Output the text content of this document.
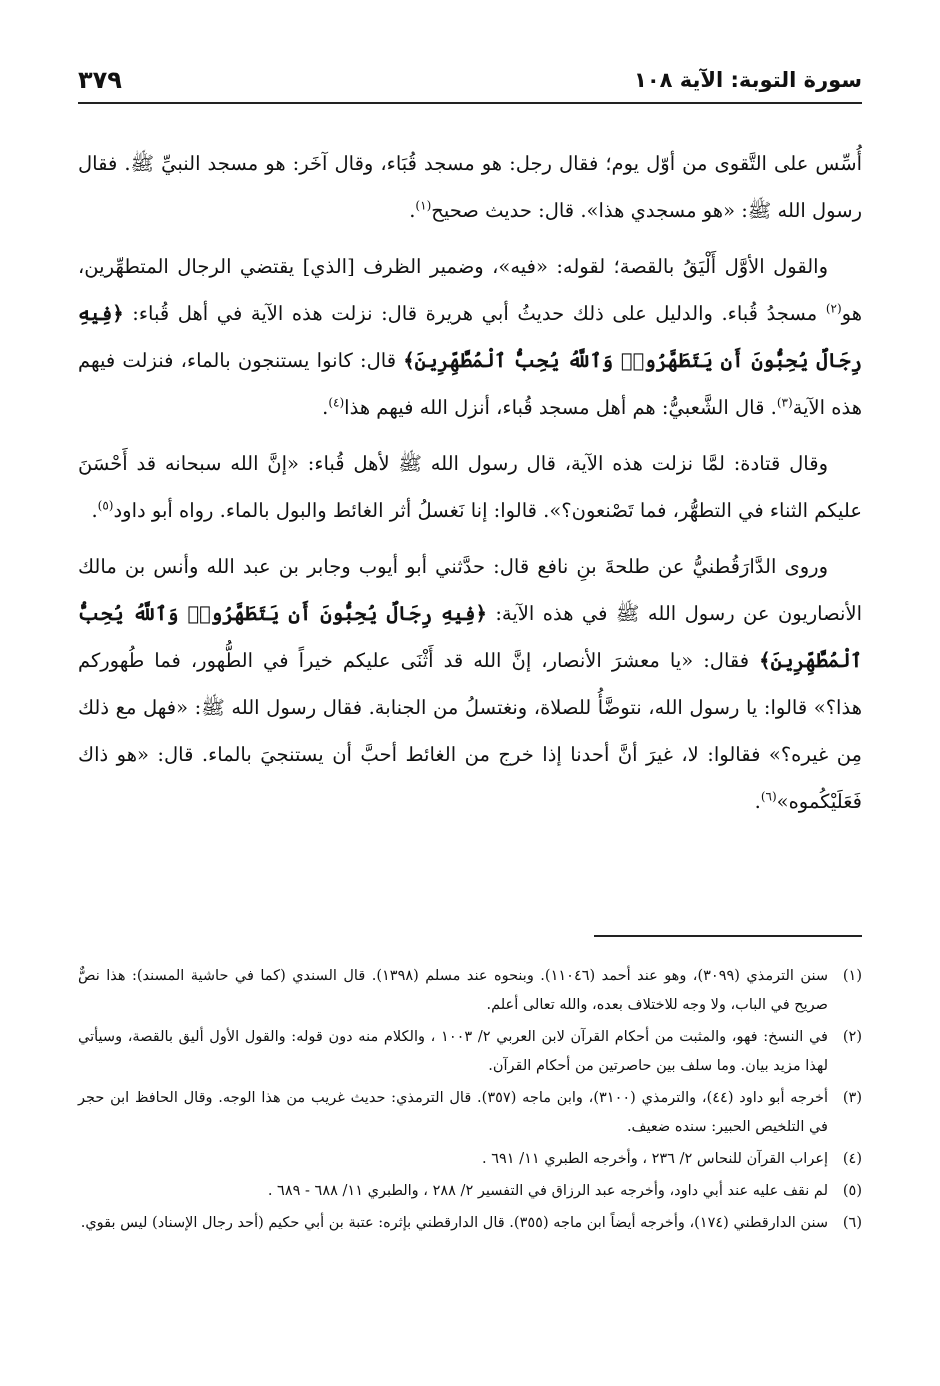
سورة التوبة: الآية ١٠٨
٣٧٩

أُسِّس على التَّقوى من أوّل يوم؛ فقال رجل: هو مسجد قُبَاء، وقال آخَر: هو مسجد النبيِّ ﷺ. فقال رسول الله ﷺ: «هو مسجدي هذا». قال: حديث صحيح$^{(١)}$.

والقول الأوَّل أَلْيَقُ بالقصة؛ لقوله: «فيه»، وضمير الظرف [الذي] يقتضي الرجال المتطهِّرين، هو$^{(٢)}$ مسجدُ قُباء. والدليل على ذلك حديثُ أبي هريرة قال: نزلت هذه الآية في أهل قُباء: ﴿فِيهِ رِجَالٌ يُحِبُّونَ أَن يَتَطَهَّرُوا۟ وَٱللَّهُ يُحِبُّ ٱلْمُطَّهِّرِينَ﴾ قال: كانوا يستنجون بالماء، فنزلت فيهم هذه الآية$^{(٣)}$. قال الشَّعبيُّ: هم أهل مسجد قُباء، أنزل الله فيهم هذا$^{(٤)}$.

وقال قتادة: لمَّا نزلت هذه الآية، قال رسول الله ﷺ لأهل قُباء: «إنَّ الله سبحانه قد أَحْسَنَ عليكم الثناء في التطهُّر، فما تَصْنعون؟». قالوا: إنا نَغسلُ أثر الغائط والبول بالماء. رواه أبو داود$^{(٥)}$.

وروى الدَّارَقُطنيُّ عن طلحةَ بنِ نافع قال: حدَّثني أبو أيوب وجابر بن عبد الله وأنس بن مالك الأنصاريون عن رسول الله ﷺ في هذه الآية: ﴿فِيهِ رِجَالٌ يُحِبُّونَ أَن يَتَطَهَّرُوا۟ وَٱللَّهُ يُحِبُّ ٱلْمُطَّهِّرِينَ﴾ فقال: «يا معشرَ الأنصار، إنَّ الله قد أَثْنَى عليكم خيراً في الطُّهور، فما طُهوركم هذا؟» قالوا: يا رسول الله، نتوضَّأُ للصلاة، ونغتسلُ من الجنابة. فقال رسول الله ﷺ: «فهل مع ذلك مِن غيره؟» فقالوا: لا، غيرَ أنَّ أحدنا إذا خرج من الغائط أحبَّ أن يستنجيَ بالماء. قال: «هو ذاك فَعَلَيْكُموه»$^{(٦)}$.

(١)
سنن الترمذي (٣٠٩٩)، وهو عند أحمد (١١٠٤٦). وبنحوه عند مسلم (١٣٩٨). قال السندي (كما في حاشية المسند): هذا نصٌّ صريح في الباب، ولا وجه للاختلاف بعده، والله تعالى أعلم.
(٢)
في النسخ: فهو، والمثبت من أحكام القرآن لابن العربي ٢/ ١٠٠٣ ، والكلام منه دون قوله: والقول الأول أليق بالقصة، وسيأتي لهذا مزيد بيان. وما سلف بين حاصرتين من أحكام القرآن.
(٣)
أخرجه أبو داود (٤٤)، والترمذي (٣١٠٠)، وابن ماجه (٣٥٧). قال الترمذي: حديث غريب من هذا الوجه. وقال الحافظ ابن حجر في التلخيص الحبير: سنده ضعيف.
(٤)
إعراب القرآن للنحاس ٢/ ٢٣٦ ، وأخرجه الطبري ١١/ ٦٩١ .
(٥)
لم نقف عليه عند أبي داود، وأخرجه عبد الرزاق في التفسير ٢/ ٢٨٨ ، والطبري ١١/ ٦٨٨ - ٦٨٩ .
(٦)
سنن الدارقطني (١٧٤)، وأخرجه أيضاً ابن ماجه (٣٥٥). قال الدارقطني بإثره: عتبة بن أبي حكيم (أحد رجال الإسناد) ليس بقوي.
